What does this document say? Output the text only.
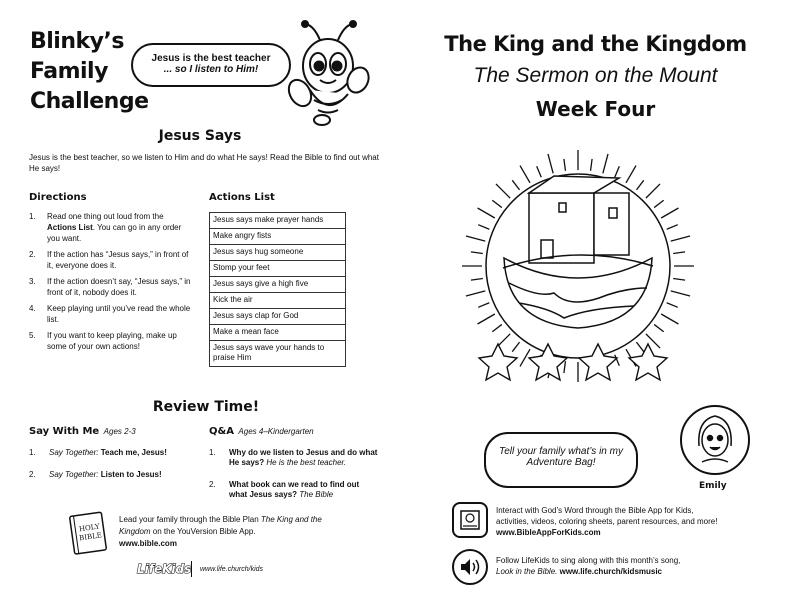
Blinky’s
Family
Challenge
Jesus is the best teacher
... so I listen to Him!
Jesus Says
Jesus is the best teacher, so we listen to Him and do what He says! Read the Bible to find out what He says!
Directions
1. Read one thing out loud from the Actions List. You can go in any order you want.
2. If the action has “Jesus says,” in front of it, everyone does it.
3. If the action doesn’t say, “Jesus says,” in front of it, nobody does it.
4. Keep playing until you’ve read the whole list.
5. If you want to keep playing, make up some of your own actions!
Actions List
Jesus says make prayer hands
Make angry fists
Jesus says hug someone
Stomp your feet
Jesus says give a high five
Kick the air
Jesus says clap for God
Make a mean face
Jesus says wave your hands to praise Him
Review Time!
Say With Me Ages 2-3
1. Say Together: Teach me, Jesus!
2. Say Together: Listen to Jesus!
Q&A Ages 4–Kindergarten
1. Why do we listen to Jesus and do what He says? He is the best teacher.
2. What book can we read to find out what Jesus says? The Bible
HOLY
BIBLE
Lead your family through the Bible Plan The King and the Kingdom on the YouVersion Bible App.
www.bible.com
LifeKids www.life.church/kids
The King and the Kingdom
The Sermon on the Mount
Week Four
Tell your family what’s in my
Adventure Bag!
Emily
Interact with God’s Word through the Bible App for Kids,
activities, videos, coloring sheets, parent resources, and more!
www.BibleAppForKids.com
Follow LifeKids to sing along with this month’s song,
Look in the Bible. www.life.church/kidsmusic
